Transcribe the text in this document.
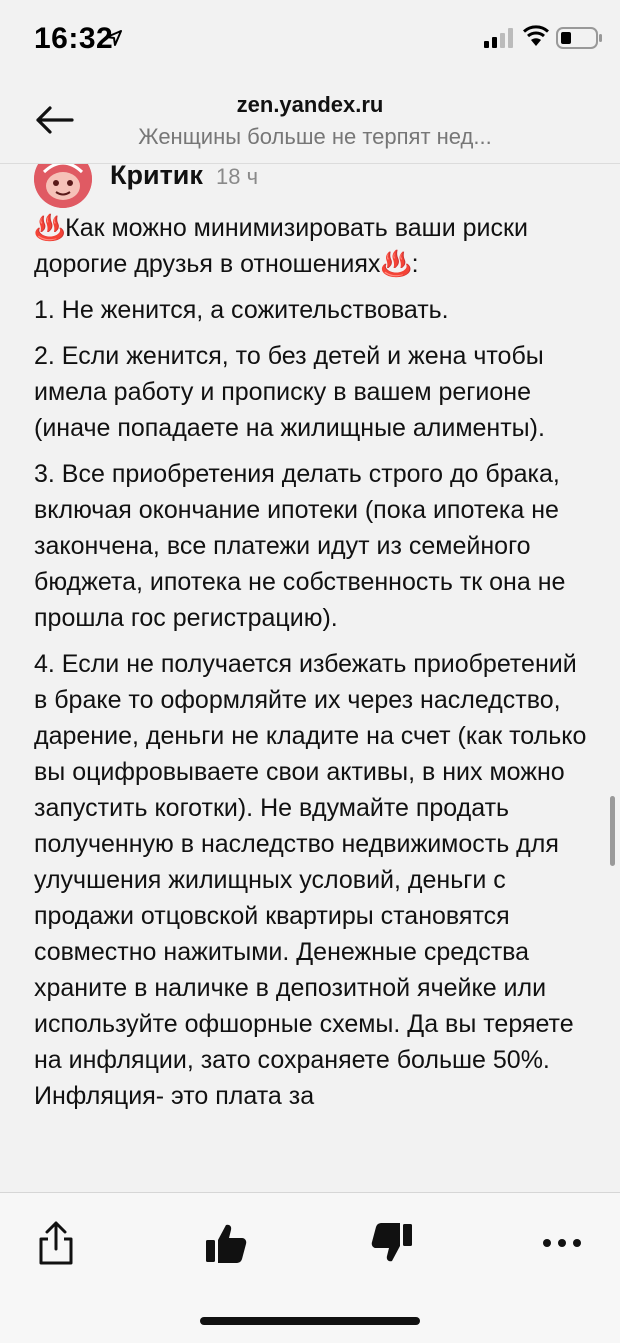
16:32
zen.yandex.ru
Женщины больше не терпят нед...
Критик 18 ч

♨️Как можно минимизировать ваши риски дорогие друзья в отношениях♨️:

1. Не женится, а сожительствовать.

2. Если женится, то без детей и жена чтобы имела работу и прописку в вашем регионе (иначе попадаете на жилищные алименты).

3. Все приобретения делать строго до брака, включая окончание ипотеки (пока ипотека не закончена, все платежи идут из семейного бюджета, ипотека не собственность тк она не прошла гос регистрацию).

4. Если не получается избежать приобретений в браке то оформляйте их через наследство, дарение, деньги не кладите на счет (как только вы оцифровываете свои активы, в них можно запустить коготки). Не вдумайте продать полученную в наследство недвижимость для улучшения жилищных условий, деньги с продажи отцовской квартиры становятся совместно нажитыми. Денежные средства храните в наличке в депозитной ячейке или используйте офшорные схемы. Да вы теряете на инфляции, зато сохраняете больше 50%. Инфляция- это плата за
